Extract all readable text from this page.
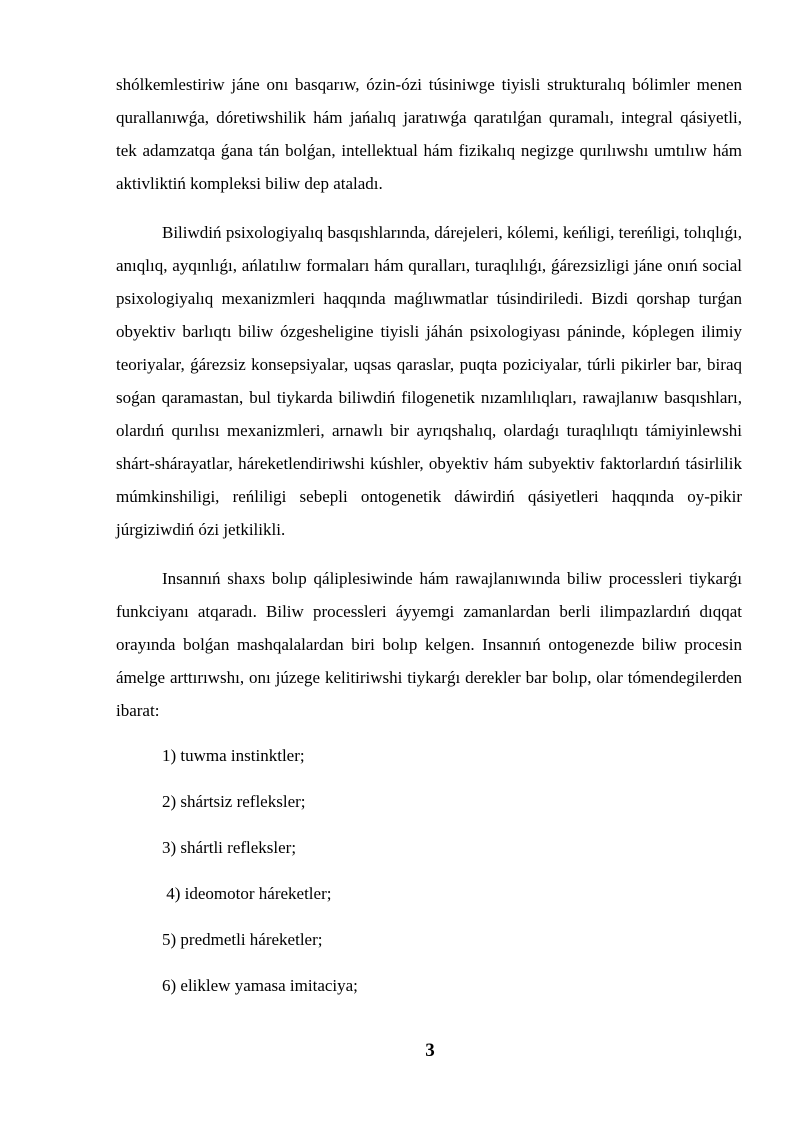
shólkemlestiriw jáne onı basqarıw, ózin-ózi túsiniwge tiyisli strukturalıq bólimler menen qurallanıwǵa, dóretiwshilik hám jańalıq jaratıwǵa qaratılǵan quramalı, integral qásiyetli, tek adamzatqa ǵana tán bolǵan, intellektual hám fizikalıq negizge qurılıwshı umtılıw hám aktivliktiń kompleksi biliw dep ataladı.

Biliwdiń psixologiyalıq basqıshlarında, dárejeleri, kólemi, keńligi, tereńligi, tolıqlıǵı, anıqlıq, ayqınlıǵı, ańlatılıw formaları hám quralları, turaqlılıǵı, ǵárezsizligi jáne onıń social psixologiyalıq mexanizmleri haqqında maǵlıwmatlar túsindiriledi. Bizdi qorshap turǵan obyektiv barlıqtı biliw ózgesheligine tiyisli jáhán psixologiyası páninde, kóplegen ilimiy teoriyalar, ǵárezsiz konsepsiyalar, uqsas qaraslar, puqta poziciyalar, túrli pikirler bar, biraq soǵan qaramastan, bul tiykarda biliwdiń filogenetik nızamlılıqları, rawajlanıw basqıshları, olardıń qurılısı mexanizmleri, arnawlı bir ayrıqshalıq, olardaǵı turaqlılıqtı támiyinlewshi shárt-shárayatlar, háreketlendiriwshi kúshler, obyektiv hám subyektiv faktorlardıń tásirlilik múmkinshiligi, reńliligi sebepli ontogenetik dáwirdiń qásiyetleri haqqında oy-pikir júrgiziwdiń ózi jetkilikli.

Insannıń shaxs bolıp qáliplesiwinde hám rawajlanıwında biliw processleri tiykarǵı funkciyanı atqaradı. Biliw processleri áyyemgi zamanlardan berli ilimpazlardıń dıqqat orayında bolǵan mashqalalardan biri bolıp kelgen. Insannıń ontogenezde biliw procesin ámelge arttırıwshı, onı júzege kelitiriwshi tiykarǵı derekler bar bolıp, olar tómendegilerden ibarat:

1) tuwma instinktler;

2) shártsiz refleksler;

3) shártli refleksler;

4) ideomotor háreketler;

5) predmetli háreketler;

6) eliklew yamasa imitaciya;

3
